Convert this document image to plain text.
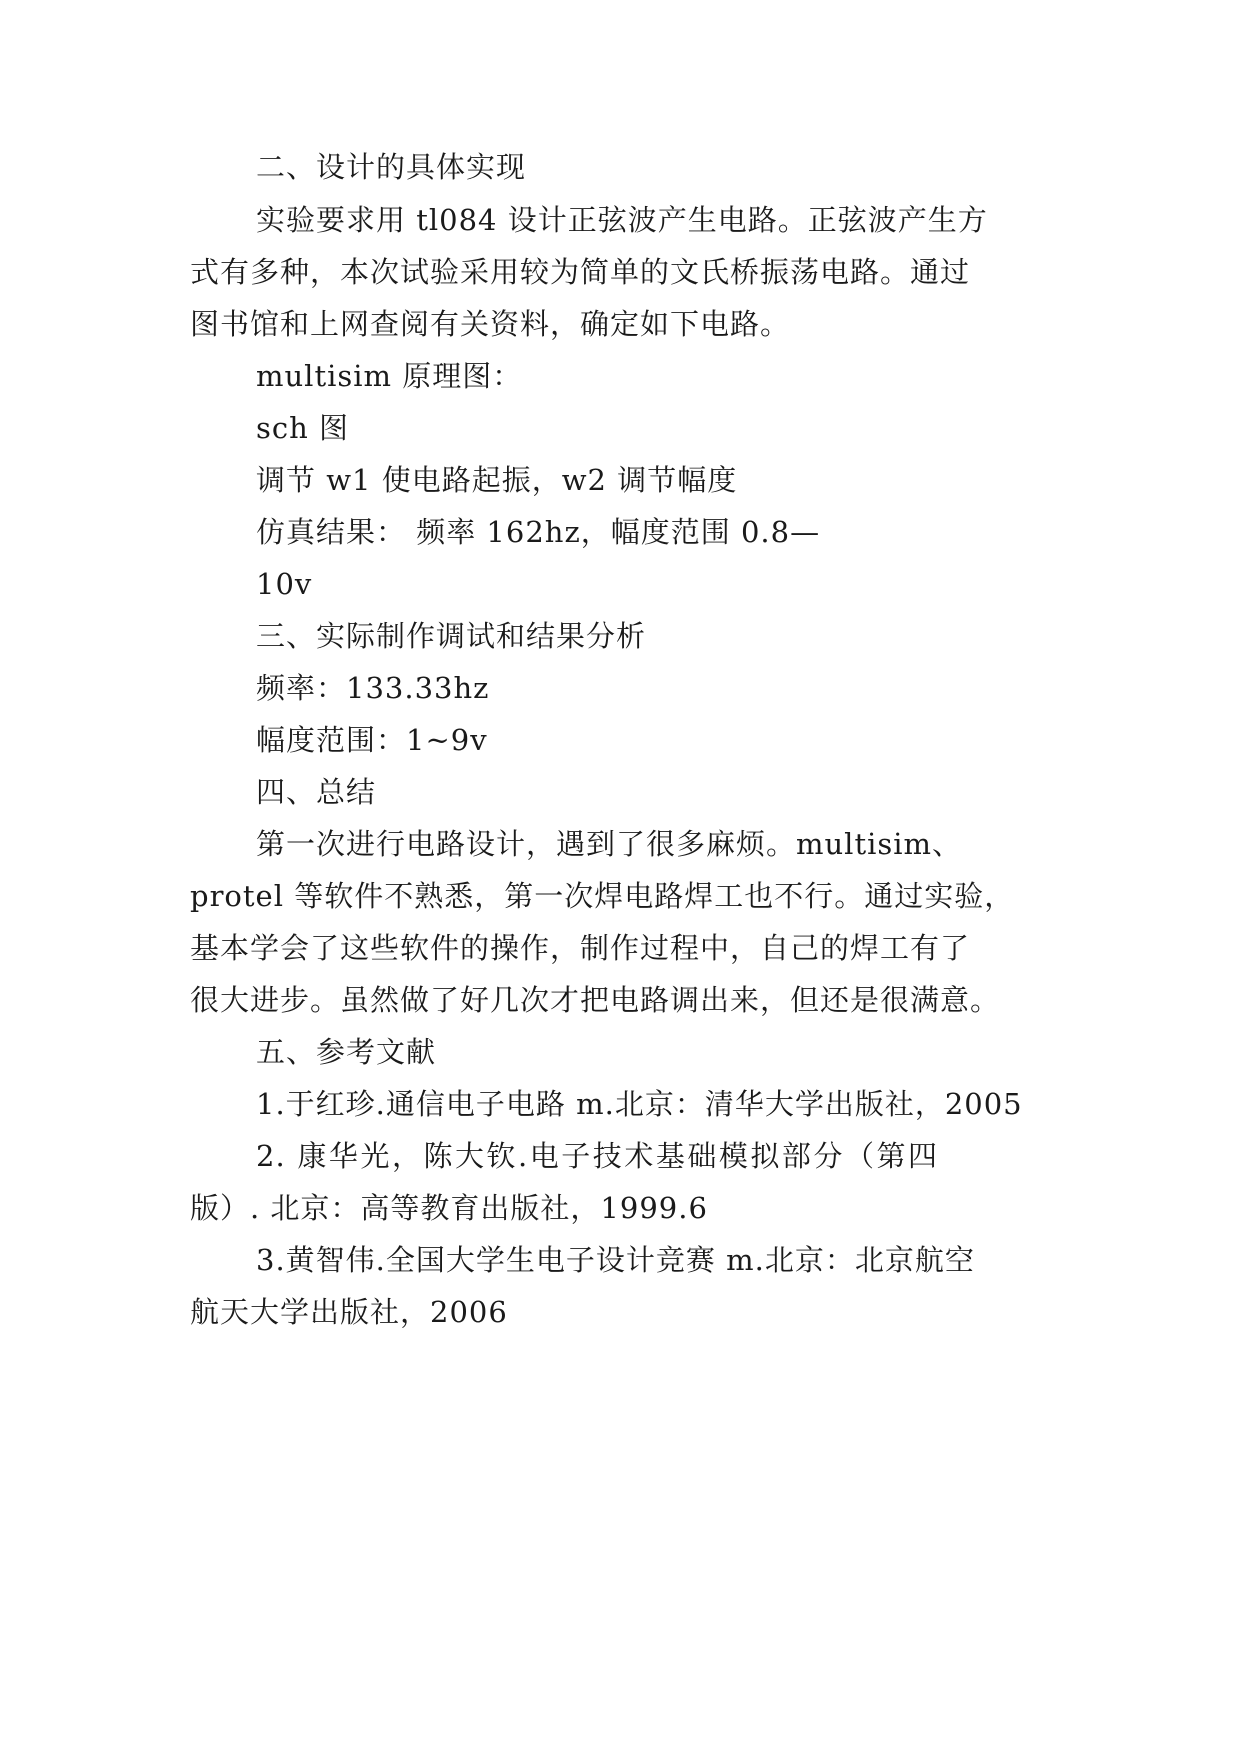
二、设计的具体实现
实验要求用 tl084 设计正弦波产生电路。正弦波产生方
式有多种，本次试验采用较为简单的文氏桥振荡电路。通过
图书馆和上网查阅有关资料，确定如下电路。
multisim 原理图：
sch 图
调节 w1 使电路起振，w2 调节幅度
仿真结果： 频率 162hz，幅度范围 0.8—
10v
三、实际制作调试和结果分析
频率：133.33hz
幅度范围：1~9v
四、总结
第一次进行电路设计，遇到了很多麻烦。multisim、
protel 等软件不熟悉，第一次焊电路焊工也不行。通过实验，
基本学会了这些软件的操作，制作过程中，自己的焊工有了
很大进步。虽然做了好几次才把电路调出来，但还是很满意。
五、参考文献
1.于红珍.通信电子电路 m.北京：清华大学出版社，2005
2. 康华光，陈大钦.电子技术基础模拟部分（第四
版）. 北京：高等教育出版社，1999.6
3.黄智伟.全国大学生电子设计竞赛 m.北京：北京航空
航天大学出版社，2006
